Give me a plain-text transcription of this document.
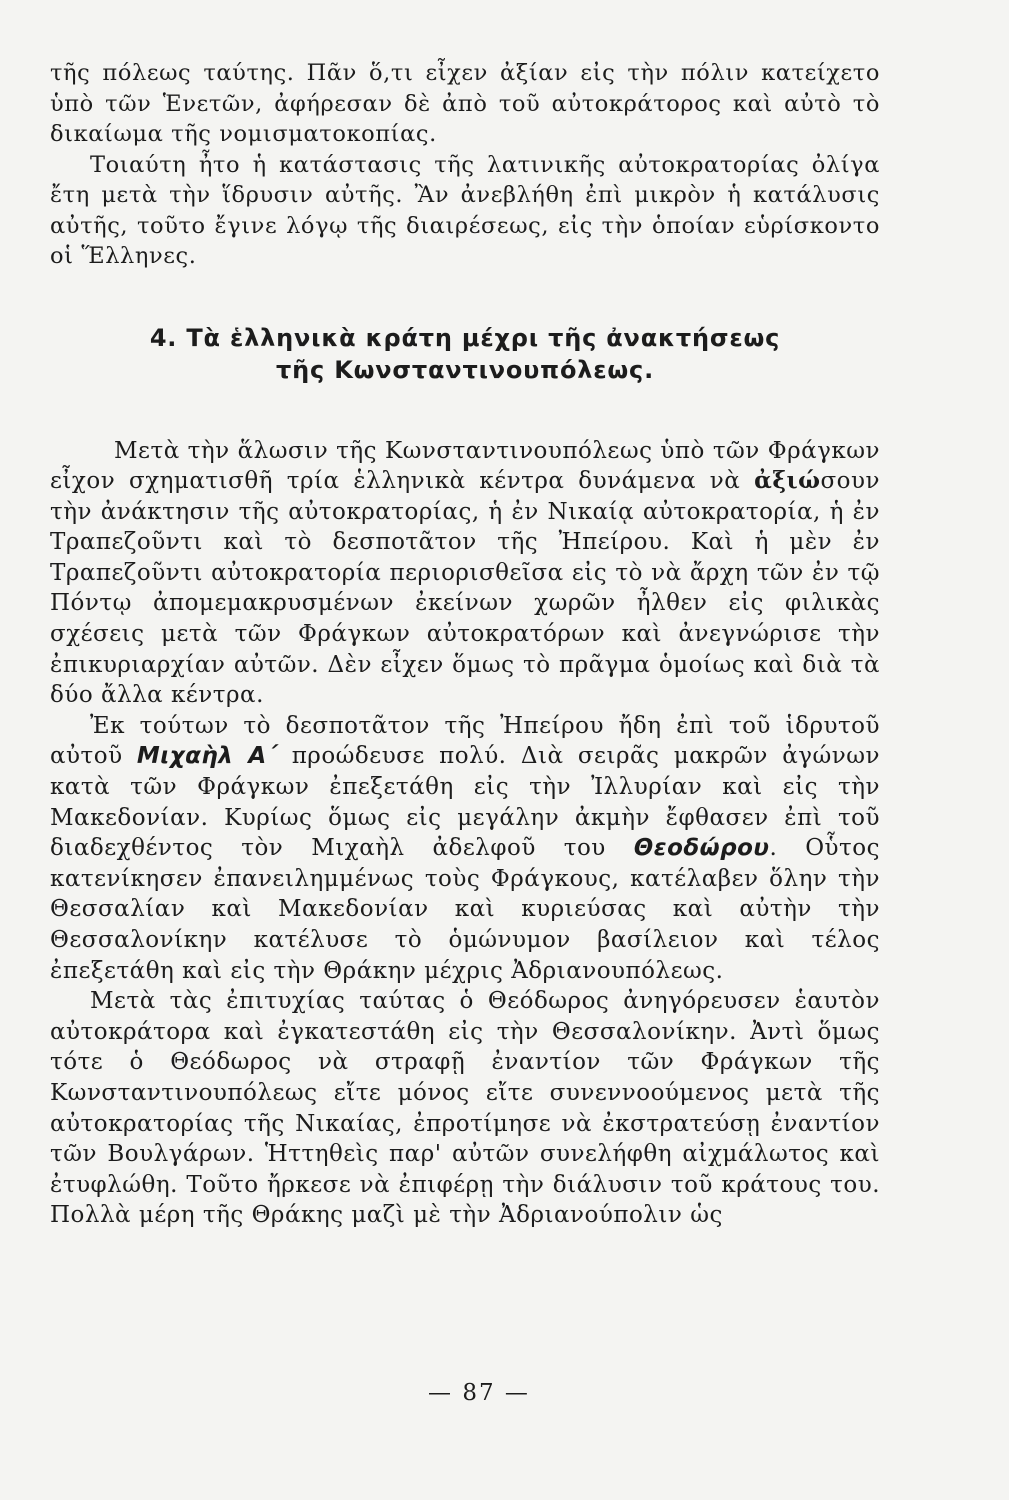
τῆς πόλεως ταύτης. Πᾶν ὅ,τι εἶχεν ἀξίαν εἰς τὴν πόλιν κατείχετο ὑπὸ τῶν Ἑνετῶν, ἀφήρεσαν δὲ ἀπὸ τοῦ αὐτοκράτορος καὶ αὐτὸ τὸ δικαίωμα τῆς νομισματοκοπίας.

Τοιαύτη ἦτο ἡ κατάστασις τῆς λατινικῆς αὐτοκρατορίας ὀλίγα ἔτη μετὰ τὴν ἵδρυσιν αὐτῆς. Ἂν ἀνεβλήθη ἐπὶ μικρὸν ἡ κατάλυσις αὐτῆς, τοῦτο ἔγινε λόγῳ τῆς διαιρέσεως, εἰς τὴν ὁποίαν εὑρίσκοντο οἱ Ἕλληνες.

4. Τὰ ἑλληνικὰ κράτη μέχρι τῆς ἀνακτήσεως
τῆς Κωνσταντινουπόλεως.

Μετὰ τὴν ἅλωσιν τῆς Κωνσταντινουπόλεως ὑπὸ τῶν Φράγκων εἶχον σχηματισθῆ τρία ἑλληνικὰ κέντρα δυνάμενα νὰ ἀξιώσουν τὴν ἀνάκτησιν τῆς αὐτοκρατορίας, ἡ ἐν Νικαίᾳ αὐτοκρατορία, ἡ ἐν Τραπεζοῦντι καὶ τὸ δεσποτᾶτον τῆς Ἠπείρου. Καὶ ἡ μὲν ἐν Τραπεζοῦντι αὐτοκρατορία περιορισθεῖσα εἰς τὸ νὰ ἄρχη τῶν ἐν τῷ Πόντῳ ἀπομεμακρυσμένων ἐκείνων χωρῶν ἦλθεν εἰς φιλικὰς σχέσεις μετὰ τῶν Φράγκων αὐτοκρατόρων καὶ ἀνεγνώρισε τὴν ἐπικυριαρχίαν αὐτῶν. Δὲν εἶχεν ὅμως τὸ πρᾶγμα ὁμοίως καὶ διὰ τὰ δύο ἄλλα κέντρα.

Ἐκ τούτων τὸ δεσποτᾶτον τῆς Ἠπείρου ἤδη ἐπὶ τοῦ ἱδρυτοῦ αὐτοῦ Μιχαὴλ Α΄ προώδευσε πολύ. Διὰ σειρᾶς μακρῶν ἀγώνων κατὰ τῶν Φράγκων ἐπεξετάθη εἰς τὴν Ἰλλυρίαν καὶ εἰς τὴν Μακεδονίαν. Κυρίως ὅμως εἰς μεγάλην ἀκμὴν ἔφθασεν ἐπὶ τοῦ διαδεχθέντος τὸν Μιχαὴλ ἀδελφοῦ του Θεοδώρου. Οὗτος κατενίκησεν ἐπανειλημμένως τοὺς Φράγκους, κατέλαβεν ὅλην τὴν Θεσσαλίαν καὶ Μακεδονίαν καὶ κυριεύσας καὶ αὐτὴν τὴν Θεσσαλονίκην κατέλυσε τὸ ὁμώνυμον βασίλειον καὶ τέλος ἐπεξετάθη καὶ εἰς τὴν Θράκην μέχρις Ἀδριανουπόλεως.

Μετὰ τὰς ἐπιτυχίας ταύτας ὁ Θεόδωρος ἀνηγόρευσεν ἑαυτὸν αὐτοκράτορα καὶ ἐγκατεστάθη εἰς τὴν Θεσσαλονίκην. Ἀντὶ ὅμως τότε ὁ Θεόδωρος νὰ στραφῇ ἐναντίον τῶν Φράγκων τῆς Κωνσταντινουπόλεως εἴτε μόνος εἴτε συνεννοούμενος μετὰ τῆς αὐτοκρατορίας τῆς Νικαίας, ἐπροτίμησε νὰ ἐκστρατεύσῃ ἐναντίον τῶν Βουλγάρων. Ἡττηθεὶς παρ' αὐτῶν συνελήφθη αἰχμάλωτος καὶ ἐτυφλώθη. Τοῦτο ἤρκεσε νὰ ἐπιφέρῃ τὴν διάλυσιν τοῦ κράτους του. Πολλὰ μέρη τῆς Θράκης μαζὶ μὲ τὴν Ἀδριανούπολιν ὡς

— 87 —
